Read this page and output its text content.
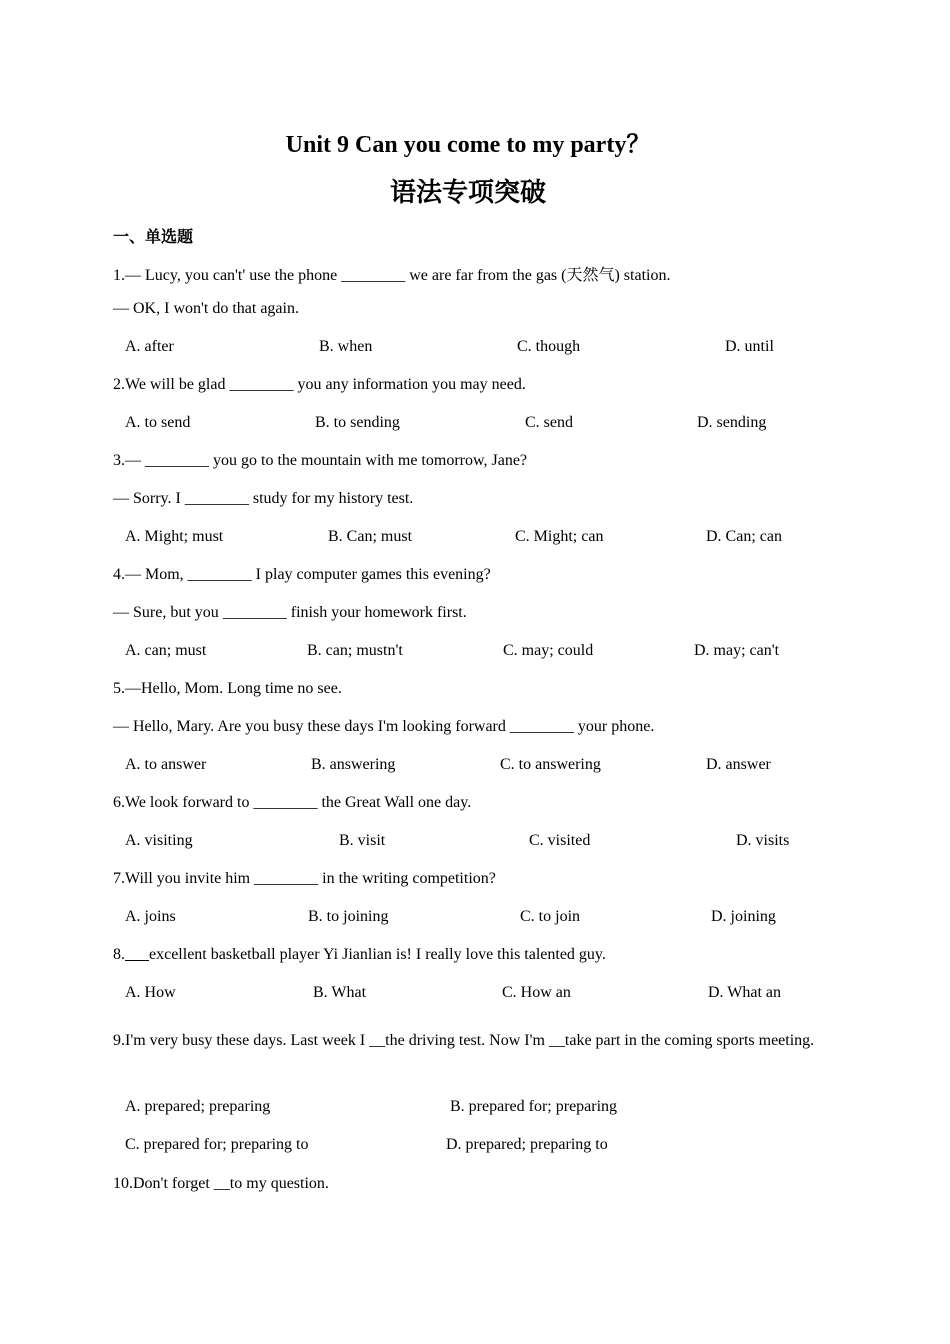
Unit 9 Can you come to my party？
语法专项突破
一、单选题
1.— Lucy, you can't' use the phone ________ we are far from the gas (天然气) station.
— OK, I won't do that again.
A. after	B. when	C. though	D. until
2.We will be glad ________ you any information you may need.
A. to send	B. to sending	C. send	D. sending
3.— ________ you go to the mountain with me tomorrow, Jane?
— Sorry. I ________ study for my history test.
A. Might; must	B. Can; must	C. Might; can	D. Can; can
4.— Mom, ________ I play computer games this evening?
— Sure, but you ________ finish your homework first.
A. can; must	B. can; mustn't	C. may; could	D. may; can't
5.—Hello, Mom. Long time no see.
— Hello, Mary. Are you busy these days I'm looking forward ________ your phone.
A. to answer	B. answering	C. to answering	D. answer
6.We look forward to ________ the Great Wall one day.
A. visiting	B. visit	C. visited	D. visits
7.Will you invite him ________ in the writing competition?
A. joins	B. to joining	C. to join	D. joining
8. excellent basketball player Yi Jianlian is! I really love this talented guy.
A. How	B. What	C. How an	D. What an
9.I'm very busy these days. Last week I __the driving test. Now I'm __take part in the coming sports meeting.
A. prepared; preparing	B. prepared for; preparing
C. prepared for; preparing to	D. prepared; preparing to
10.Don't forget __to my question.
